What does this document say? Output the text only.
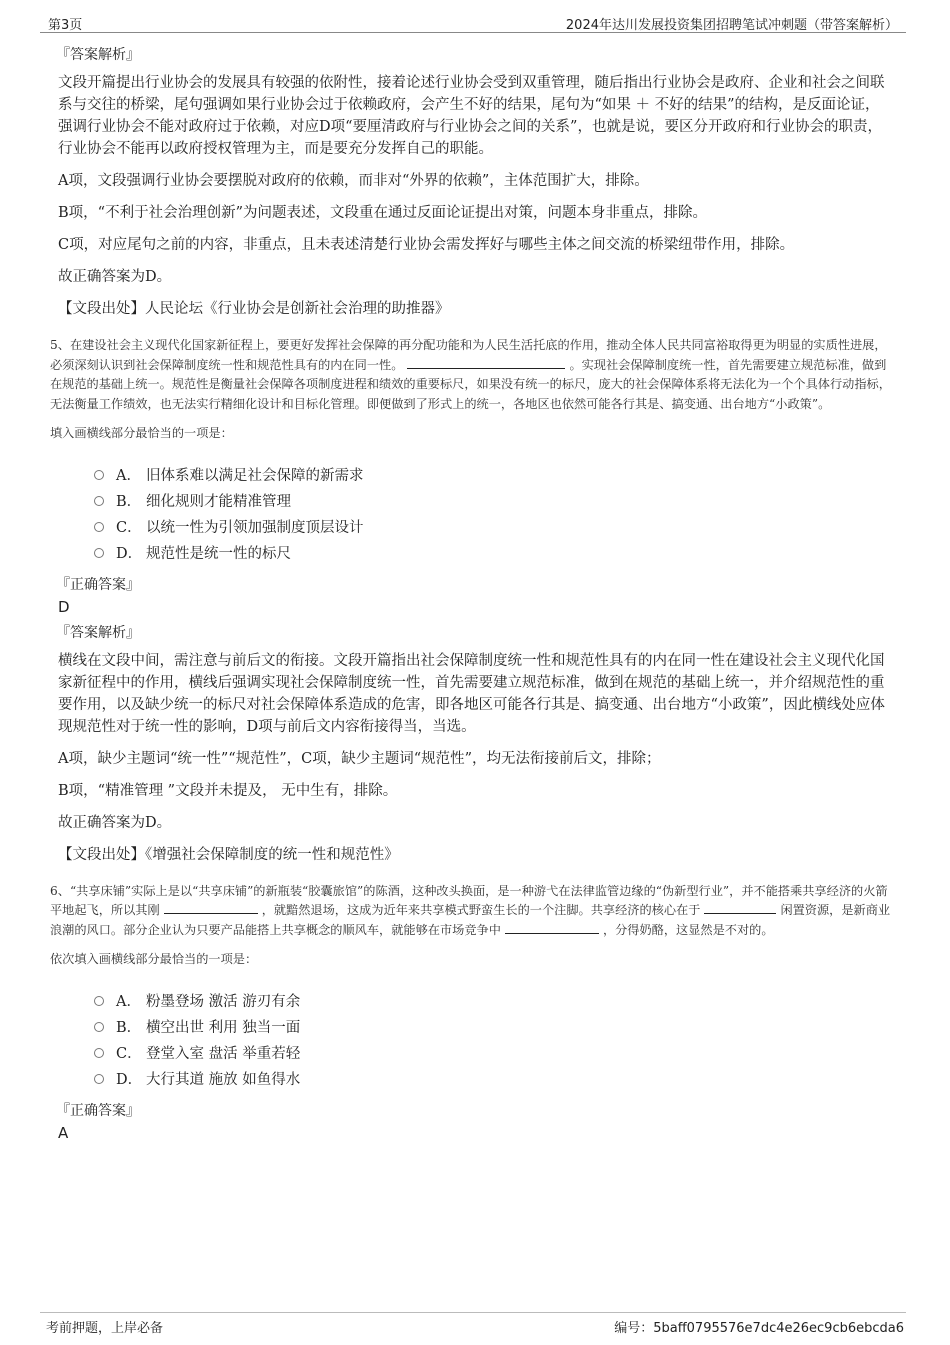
第3页	2024年达川发展投资集团招聘笔试冲刺题（带答案解析）
『答案解析』

文段开篇提出行业协会的发展具有较强的依附性，接着论述行业协会受到双重管理，随后指出行业协会是政府、企业和社会之间联系与交往的桥梁，尾句强调如果行业协会过于依赖政府，会产生不好的结果，尾句为“如果 ＋ 不好的结果”的结构，是反面论证，强调行业协会不能对政府过于依赖，对应D项“要厘清政府与行业协会之间的关系”，也就是说，要区分开政府和行业协会的职责，行业协会不能再以政府授权管理为主，而是要充分发挥自己的职能。

A项，文段强调行业协会要摆脱对政府的依赖，而非对“外界的依赖”，主体范围扩大，排除。

B项，“不利于社会治理创新”为问题表述，文段重在通过反面论证提出对策，问题本身非重点，排除。

C项，对应尾句之前的内容，非重点，且未表述清楚行业协会需发挥好与哪些主体之间交流的桥梁纽带作用，排除。

故正确答案为D。

【文段出处】人民论坛《行业协会是创新社会治理的助推器》

5、在建设社会主义现代化国家新征程上，要更好发挥社会保障的再分配功能和为人民生活托底的作用，推动全体人民共同富裕取得更为明显的实质性进展，必须深刻认识到社会保障制度统一性和规范性具有的内在同一性。	。实现社会保障制度统一性，首先需要建立规范标准，做到在规范的基础上统一。规范性是衡量社会保障各项制度进程和绩效的重要标尺，如果没有统一的标尺，庞大的社会保障体系将无法化为一个个具体行动指标，无法衡量工作绩效，也无法实行精细化设计和目标化管理。即便做到了形式上的统一，各地区也依然可能各行其是、搞变通、出台地方“小政策”。
填入画横线部分最恰当的一项是：
A． 旧体系难以满足社会保障的新需求
B． 细化规则才能精准管理
C． 以统一性为引领加强制度顶层设计
D． 规范性是统一性的标尺
『正确答案』
D
『答案解析』

横线在文段中间，需注意与前后文的衔接。文段开篇指出社会保障制度统一性和规范性具有的内在同一性在建设社会主义现代化国家新征程中的作用，横线后强调实现社会保障制度统一性，首先需要建立规范标准，做到在规范的基础上统一，并介绍规范性的重要作用，以及缺少统一的标尺对社会保障体系造成的危害，即各地区可能各行其是、搞变通、出台地方“小政策”，因此横线处应体现规范性对于统一性的影响，D项与前后文内容衔接得当，当选。

A项，缺少主题词“统一性”“规范性”，C项，缺少主题词“规范性”，均无法衔接前后文，排除；

B项，“精准管理 ”文段并未提及， 无中生有，排除。

故正确答案为D。

【文段出处】《增强社会保障制度的统一性和规范性》

6、“共享床铺”实际上是以“共享床铺”的新瓶装“胶囊旅馆”的陈酒，这种改头换面，是一种游弋在法律监管边缘的“伪新型行业”，并不能搭乘共享经济的火箭平地起飞，所以其刚	，就黯然退场，这成为近年来共享模式野蛮生长的一个注脚。共享经济的核心在于	闲置资源，是新商业浪潮的风口。部分企业认为只要产品能搭上共享概念的顺风车，就能够在市场竞争中	，分得奶酪，这显然是不对的。
依次填入画横线部分最恰当的一项是：
A． 粉墨登场 激活 游刃有余
B． 横空出世 利用 独当一面
C． 登堂入室 盘活 举重若轻
D． 大行其道 施放 如鱼得水
『正确答案』
A
考前押题，上岸必备	编号：5baff0795576e7dc4e26ec9cb6ebcda6
